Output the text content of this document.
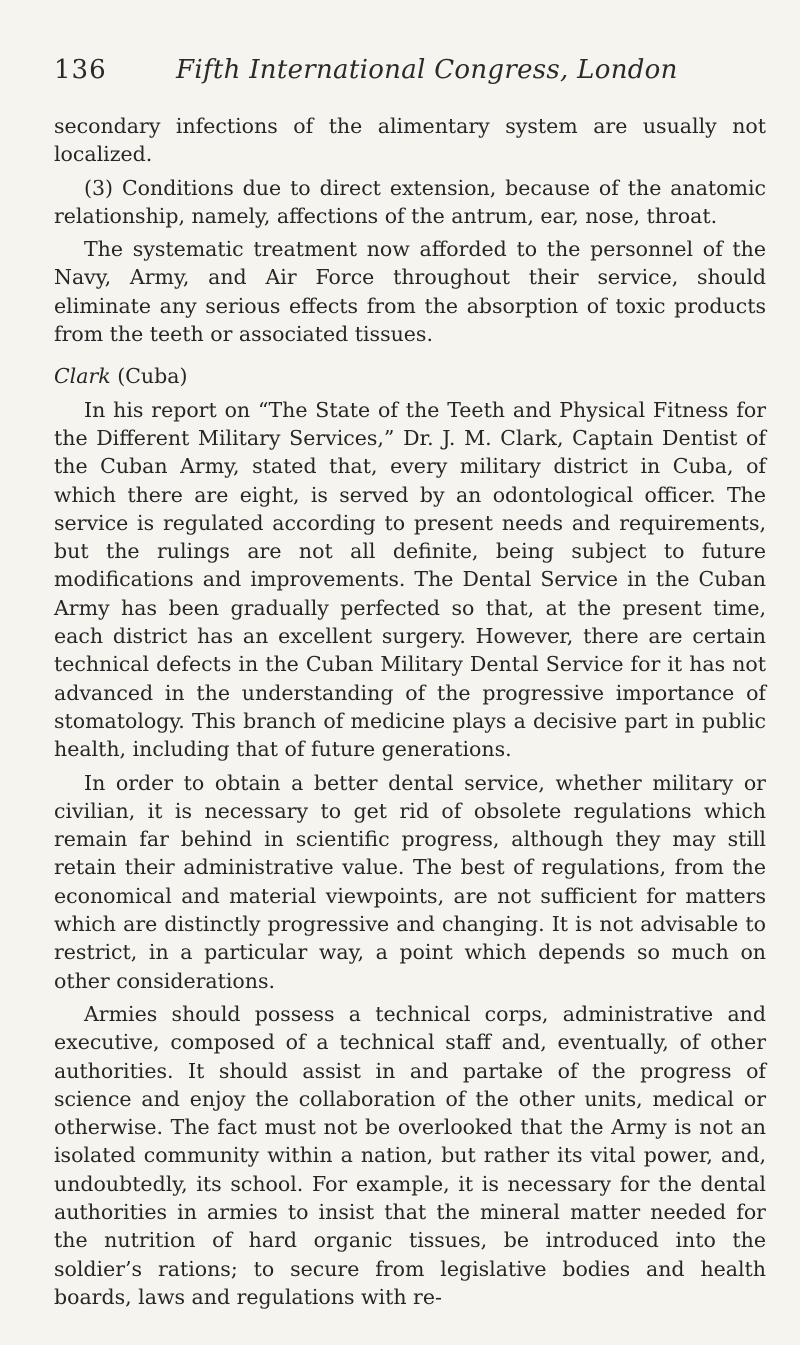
136	Fifth International Congress, London

secondary infections of the alimentary system are usually not localized.

(3) Conditions due to direct extension, because of the anatomic relationship, namely, affections of the antrum, ear, nose, throat.

The systematic treatment now afforded to the personnel of the Navy, Army, and Air Force throughout their service, should eliminate any serious effects from the absorption of toxic products from the teeth or associated tissues.

Clark (Cuba)

In his report on “The State of the Teeth and Physical Fitness for the Different Military Services,” Dr. J. M. Clark, Captain Dentist of the Cuban Army, stated that, every military district in Cuba, of which there are eight, is served by an odontological officer. The service is regulated according to present needs and requirements, but the rulings are not all definite, being subject to future modifications and improvements. The Dental Service in the Cuban Army has been gradually perfected so that, at the present time, each district has an excellent surgery. However, there are certain technical defects in the Cuban Military Dental Service for it has not advanced in the understanding of the progressive importance of stomatology. This branch of medicine plays a decisive part in public health, including that of future generations.

In order to obtain a better dental service, whether military or civilian, it is necessary to get rid of obsolete regulations which remain far behind in scientific progress, although they may still retain their administrative value. The best of regulations, from the economical and material viewpoints, are not sufficient for matters which are distinctly progressive and changing. It is not advisable to restrict, in a particular way, a point which depends so much on other considerations.

Armies should possess a technical corps, administrative and executive, composed of a technical staff and, eventually, of other authorities. It should assist in and partake of the progress of science and enjoy the collaboration of the other units, medical or otherwise. The fact must not be overlooked that the Army is not an isolated community within a nation, but rather its vital power, and, undoubtedly, its school. For example, it is necessary for the dental authorities in armies to insist that the mineral matter needed for the nutrition of hard organic tissues, be introduced into the soldier’s rations; to secure from legislative bodies and health boards, laws and regulations with re-
